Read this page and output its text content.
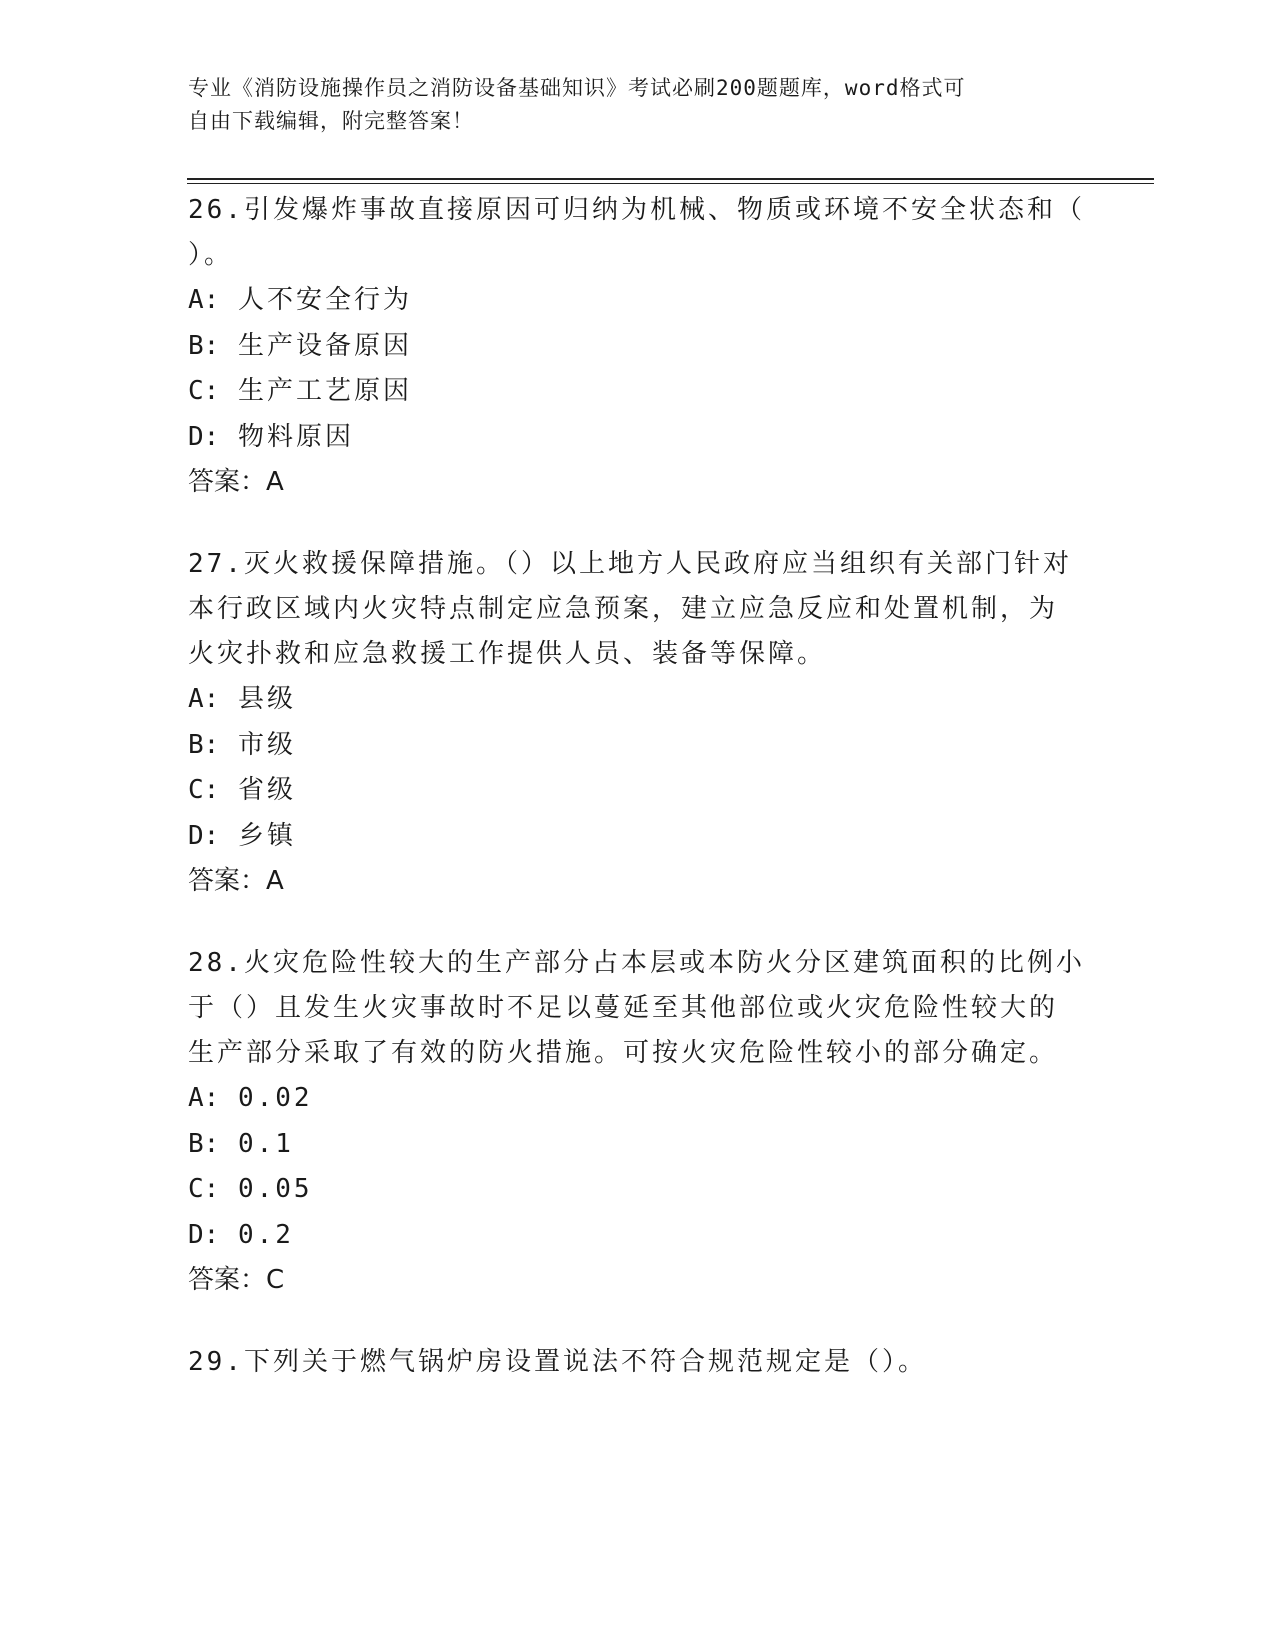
专业《消防设施操作员之消防设备基础知识》考试必刷200题题库，word格式可
自由下载编辑，附完整答案！
26.引发爆炸事故直接原因可归纳为机械、物质或环境不安全状态和（
）。
A: 人不安全行为
B: 生产设备原因
C: 生产工艺原因
D: 物料原因
答案：A
27.灭火救援保障措施。（）以上地方人民政府应当组织有关部门针对
本行政区域内火灾特点制定应急预案，建立应急反应和处置机制，为
火灾扑救和应急救援工作提供人员、装备等保障。
A: 县级
B: 市级
C: 省级
D: 乡镇
答案：A
28.火灾危险性较大的生产部分占本层或本防火分区建筑面积的比例小
于（）且发生火灾事故时不足以蔓延至其他部位或火灾危险性较大的
生产部分采取了有效的防火措施。可按火灾危险性较小的部分确定。
A: 0.02
B: 0.1
C: 0.05
D: 0.2
答案：C
29.下列关于燃气锅炉房设置说法不符合规范规定是（）。
